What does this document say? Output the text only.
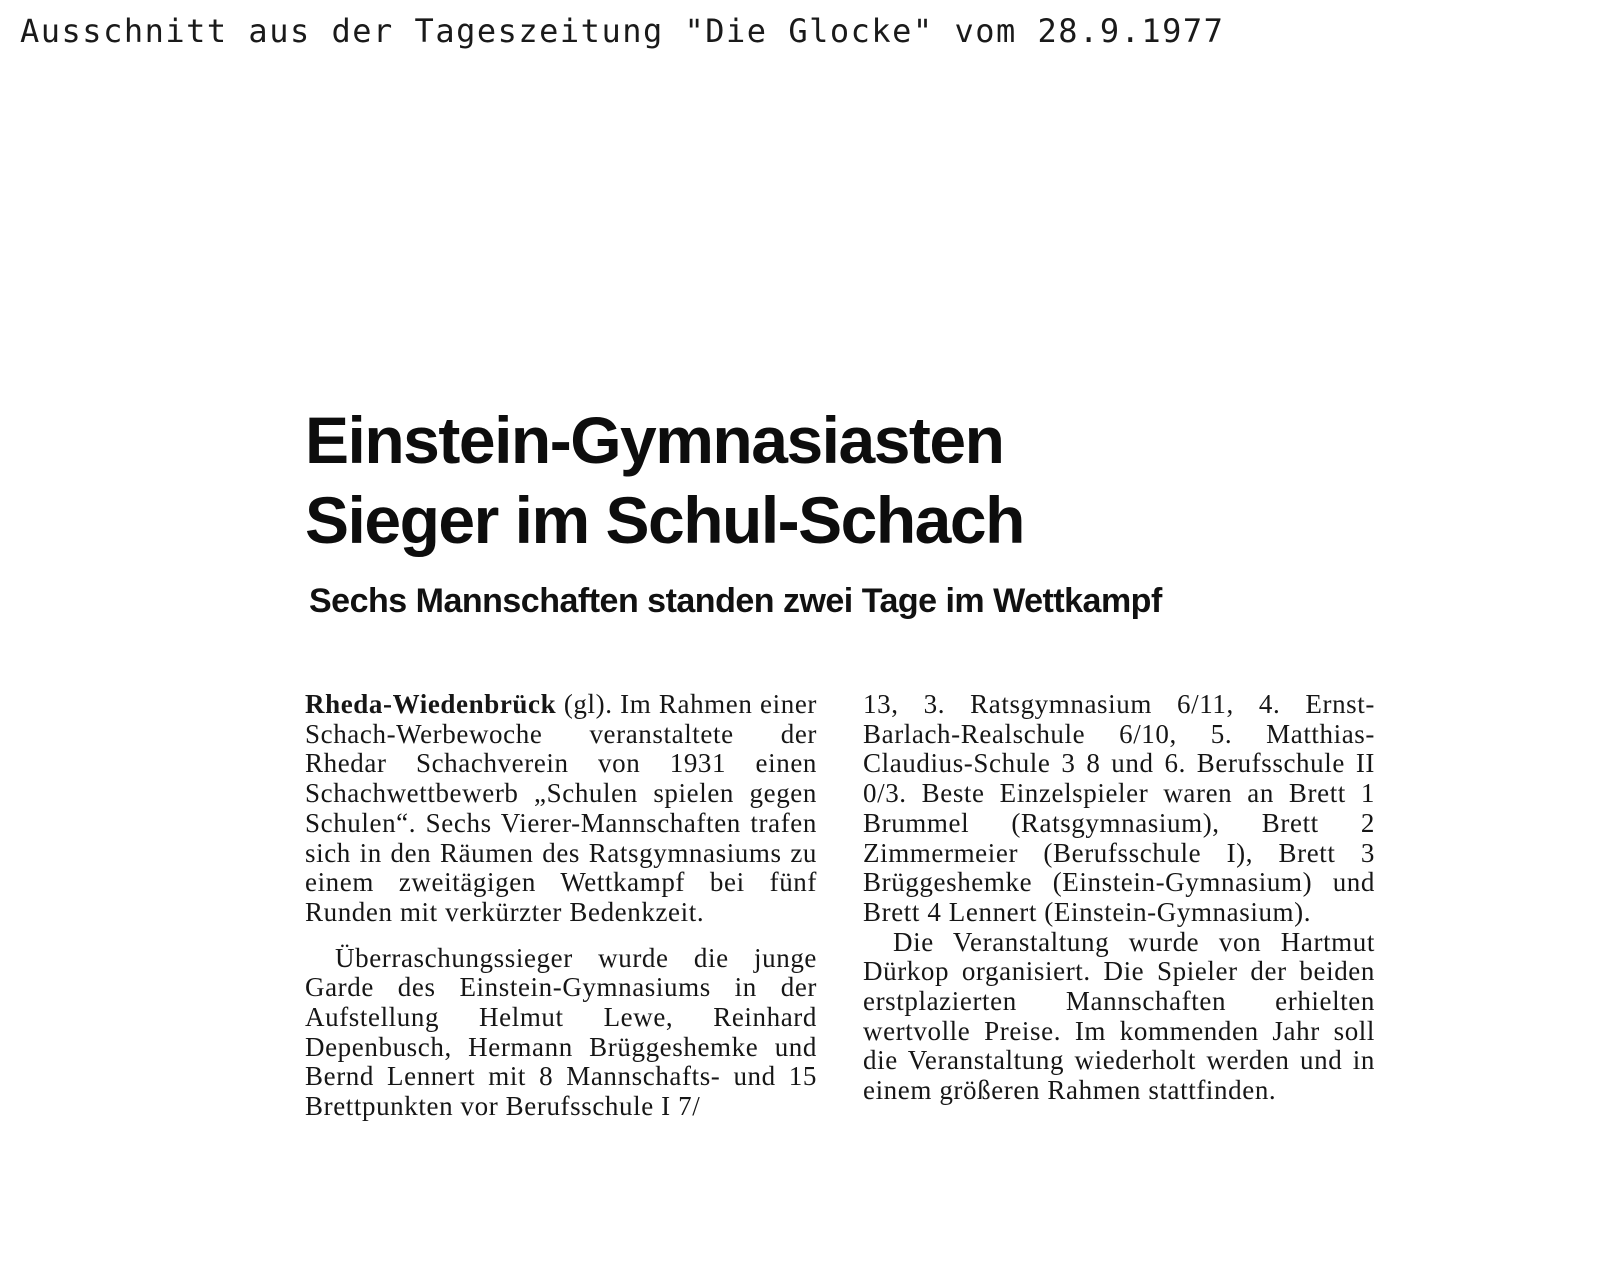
Ausschnitt aus der Tageszeitung "Die Glocke" vom 28.9.1977
Einstein-Gymnasiasten
Sieger im Schul-Schach
Sechs Mannschaften standen zwei Tage im Wettkampf

Rheda-Wiedenbrück (gl). Im Rahmen einer Schach-Werbewoche veranstaltete der Rhedar Schachverein von 1931 einen Schachwettbewerb „Schulen spielen gegen Schulen“. Sechs Vierer-Mannschaften trafen sich in den Räumen des Ratsgymnasiums zu einem zweitägigen Wettkampf bei fünf Runden mit verkürzter Bedenkzeit.

Überraschungssieger wurde die junge Garde des Einstein-Gymnasiums in der Aufstellung Helmut Lewe, Reinhard Depenbusch, Hermann Brüggeshemke und Bernd Lennert mit 8 Mannschafts- und 15 Brettpunkten vor Berufsschule I 7/

13, 3. Ratsgymnasium 6/11, 4. Ernst-Barlach-Realschule 6/10, 5. Matthias-Claudius-Schule 3 8 und 6. Berufsschule II 0/3. Beste Einzelspieler waren an Brett 1 Brummel (Ratsgymnasium), Brett 2 Zimmermeier (Berufsschule I), Brett 3 Brüggeshemke (Einstein-Gymnasium) und Brett 4 Lennert (Einstein-Gymnasium).

Die Veranstaltung wurde von Hartmut Dürkop organisiert. Die Spieler der beiden erstplazierten Mannschaften erhielten wertvolle Preise. Im kommenden Jahr soll die Veranstaltung wiederholt werden und in einem größeren Rahmen stattfinden.
